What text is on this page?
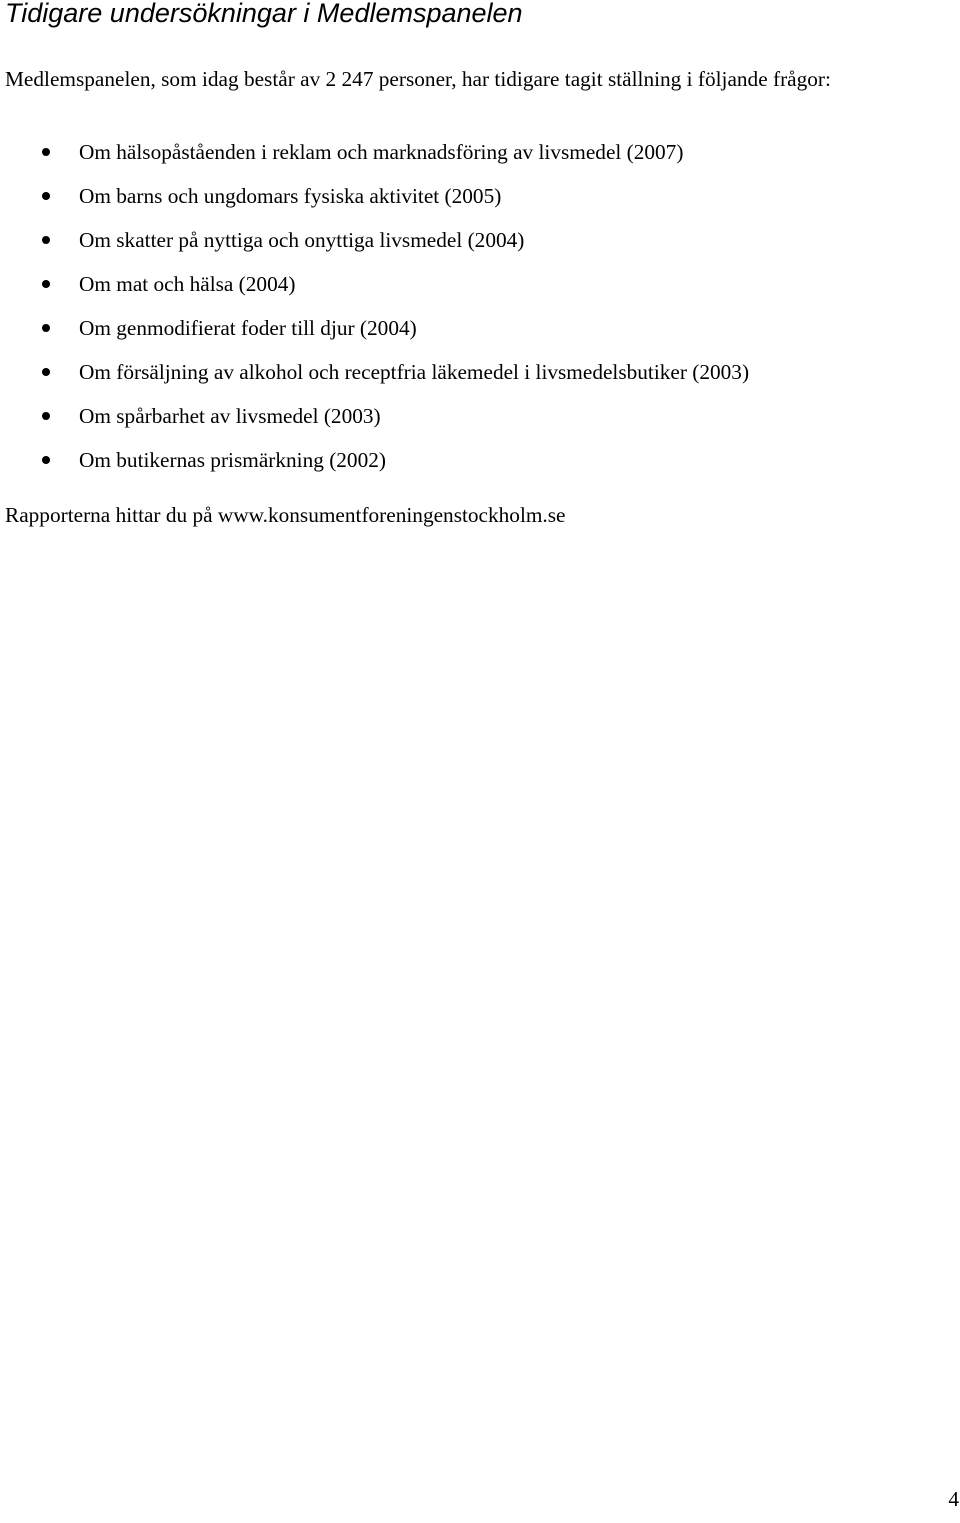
Tidigare undersökningar i Medlemspanelen

Medlemspanelen, som idag består av 2 247 personer, har tidigare tagit ställning i följande frågor:

Om hälsopåståenden i reklam och marknadsföring av livsmedel (2007)
Om barns och ungdomars fysiska aktivitet (2005)
Om skatter på nyttiga och onyttiga livsmedel (2004)
Om mat och hälsa (2004)
Om genmodifierat foder till djur (2004)
Om försäljning av alkohol och receptfria läkemedel i livsmedelsbutiker (2003)
Om spårbarhet av livsmedel (2003)
Om butikernas prismärkning (2002)

Rapporterna hittar du på www.konsumentforeningenstockholm.se

4
